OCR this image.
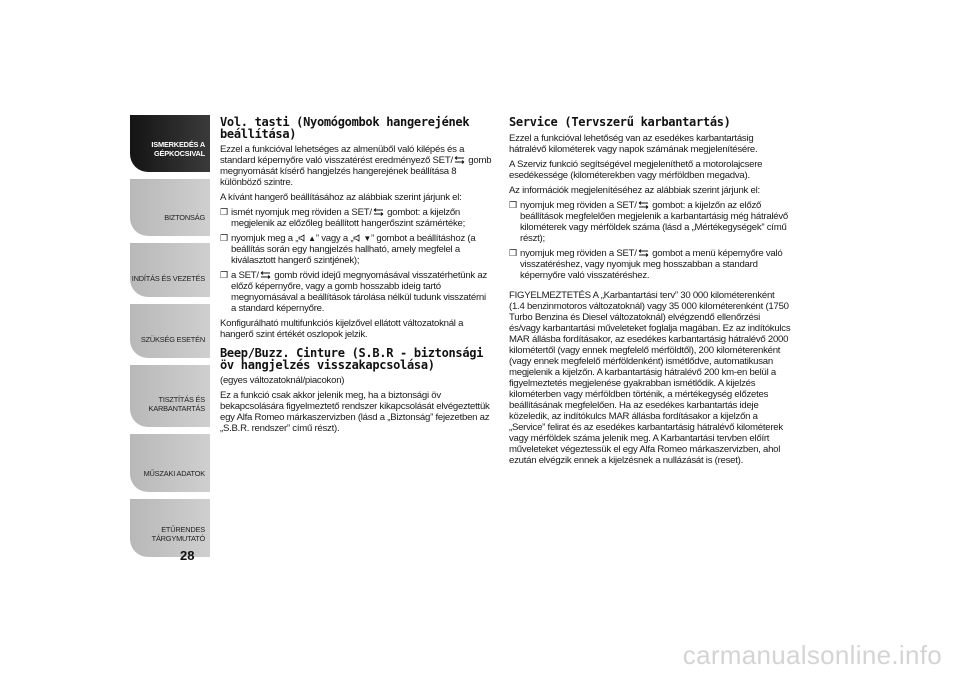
ISMERKEDÉS A GÉPKOCSIVAL
BIZTONSÁG
INDÍTÁS ÉS VEZETÉS
SZÜKSÉG ESETÉN
TISZTÍTÁS ÉS KARBANTARTÁS
MŰSZAKI ADATOK
ETŰRENDES TÁRGYMUTATÓ
28
Vol. tasti (Nyomógombok hangerejének beállítása)

Ezzel a funkcióval lehetséges az almenüből való kilépés és a standard képernyőre való visszatérést eredményező SET/ gomb megnyomását kísérő hangjelzés hangerejének beállítása 8 különböző szintre.

A kívánt hangerő beállításához az alábbiak szerint járjunk el:

❒ ismét nyomjuk meg röviden a SET/ gombot: a kijelzőn megjelenik az előzőleg beállított hangerőszint számértéke;
❒ nyomjuk meg a „ ▲” vagy a „ ▼” gombot a beállításhoz (a beállítás során egy hangjelzés hallható, amely megfelel a kiválasztott hangerő szintjének);
❒ a SET/ gomb rövid idejű megnyomásával visszatérhetünk az előző képernyőre, vagy a gomb hosszabb ideig tartó megnyomásával a beállítások tárolása nélkül tudunk visszatérni a standard képernyőre.

Konfigurálható multifunkciós kijelzővel ellátott változatoknál a hangerő szint értékét oszlopok jelzik.

Beep/Buzz. Cinture (S.B.R - biztonsági öv hangjelzés visszakapcsolása)

(egyes változatoknál/piacokon)

Ez a funkció csak akkor jelenik meg, ha a biztonsági öv bekapcsolására figyelmeztető rendszer kikapcsolását elvégeztettük egy Alfa Romeo márkaszervizben (lásd a „Biztonság” fejezetben az „S.B.R. rendszer” című részt).

Service (Tervszerű karbantartás)

Ezzel a funkcióval lehetőség van az esedékes karbantartásig hátralévő kilométerek vagy napok számának megjelenítésére.

A Szerviz funkció segítségével megjeleníthető a motorolajcsere esedékessége (kilométerekben vagy mérföldben megadva).

Az információk megjelenítéséhez az alábbiak szerint járjunk el:

❒ nyomjuk meg röviden a SET/ gombot: a kijelzőn az előző beállítások megfelelően megjelenik a karbantartásig még hátralévő kilométerek vagy mérföldek száma (lásd a „Mértékegységek” című részt);
❒ nyomjuk meg röviden a SET/ gombot a menü képernyőre való visszatéréshez, vagy nyomjuk meg hosszabban a standard képernyőre való visszatéréshez.

FIGYELMEZTETÉS A „Karbantartási terv” 30 000 kilométerenként (1.4 benzinmotoros változatoknál) vagy 35 000 kilométerenként (1750 Turbo Benzina és Diesel változatoknál) elvégzendő ellenőrzési és/vagy karbantartási műveleteket foglalja magában. Ez az indítókulcs MAR állásba fordításakor, az esedékes karbantartásig hátralévő 2000 kilométertől (vagy ennek megfelelő mérföldtől), 200 kilométerenként (vagy ennek megfelelő mérföldenként) ismétlődve, automatikusan megjelenik a kijelzőn. A karbantartásig hátralévő 200 km-en belül a figyelmeztetés megjelenése gyakrabban ismétlődik. A kijelzés kilométerben vagy mérföldben történik, a mértékegység előzetes beállításának megfelelően. Ha az esedékes karbantartás ideje közeledik, az indítókulcs MAR állásba fordításakor a kijelzőn a „Service” felirat és az esedékes karbantartásig hátralévő kilométerek vagy mérföldek száma jelenik meg. A Karbantartási tervben előírt műveleteket végeztessük el egy Alfa Romeo márkaszervizben, ahol ezután elvégzik ennek a kijelzésnek a nullázását is (reset).

carmanualsonline.info
